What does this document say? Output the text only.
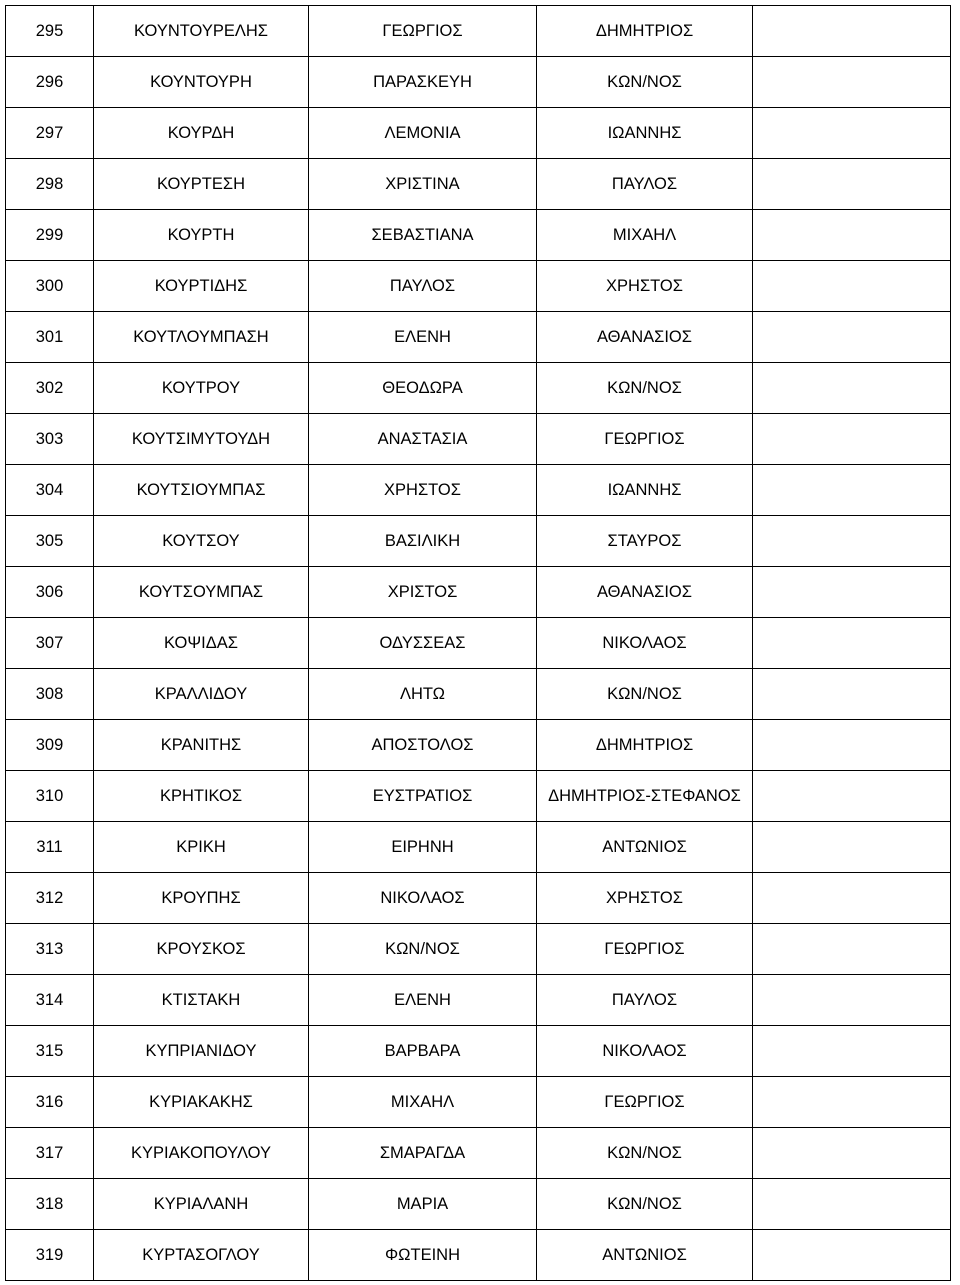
295	ΚΟΥΝΤΟΥΡΕΛΗΣ	ΓΕΩΡΓΙΟΣ	ΔΗΜΗΤΡΙΟΣ	
296	ΚΟΥΝΤΟΥΡΗ	ΠΑΡΑΣΚΕΥΗ	ΚΩΝ/ΝΟΣ	
297	ΚΟΥΡΔΗ	ΛΕΜΟΝΙΑ	ΙΩΑΝΝΗΣ	
298	ΚΟΥΡΤΕΣΗ	ΧΡΙΣΤΙΝΑ	ΠΑΥΛΟΣ	
299	ΚΟΥΡΤΗ	ΣΕΒΑΣΤΙΑΝΑ	ΜΙΧΑΗΛ	
300	ΚΟΥΡΤΙΔΗΣ	ΠΑΥΛΟΣ	ΧΡΗΣΤΟΣ	
301	ΚΟΥΤΛΟΥΜΠΑΣΗ	ΕΛΕΝΗ	ΑΘΑΝΑΣΙΟΣ	
302	ΚΟΥΤΡΟΥ	ΘΕΟΔΩΡΑ	ΚΩΝ/ΝΟΣ	
303	ΚΟΥΤΣΙΜΥΤΟΥΔΗ	ΑΝΑΣΤΑΣΙΑ	ΓΕΩΡΓΙΟΣ	
304	ΚΟΥΤΣΙΟΥΜΠΑΣ	ΧΡΗΣΤΟΣ	ΙΩΑΝΝΗΣ	
305	ΚΟΥΤΣΟΥ	ΒΑΣΙΛΙΚΗ	ΣΤΑΥΡΟΣ	
306	ΚΟΥΤΣΟΥΜΠΑΣ	ΧΡΙΣΤΟΣ	ΑΘΑΝΑΣΙΟΣ	
307	ΚΟΨΙΔΑΣ	ΟΔΥΣΣΕΑΣ	ΝΙΚΟΛΑΟΣ	
308	ΚΡΑΛΛΙΔΟΥ	ΛΗΤΩ	ΚΩΝ/ΝΟΣ	
309	ΚΡΑΝΙΤΗΣ	ΑΠΟΣΤΟΛΟΣ	ΔΗΜΗΤΡΙΟΣ	
310	ΚΡΗΤΙΚΟΣ	ΕΥΣΤΡΑΤΙΟΣ	ΔΗΜΗΤΡΙΟΣ-ΣΤΕΦΑΝΟΣ	
311	ΚΡΙΚΗ	ΕΙΡΗΝΗ	ΑΝΤΩΝΙΟΣ	
312	ΚΡΟΥΠΗΣ	ΝΙΚΟΛΑΟΣ	ΧΡΗΣΤΟΣ	
313	ΚΡΟΥΣΚΟΣ	ΚΩΝ/ΝΟΣ	ΓΕΩΡΓΙΟΣ	
314	ΚΤΙΣΤΑΚΗ	ΕΛΕΝΗ	ΠΑΥΛΟΣ	
315	ΚΥΠΡΙΑΝΙΔΟΥ	ΒΑΡΒΑΡΑ	ΝΙΚΟΛΑΟΣ	
316	ΚΥΡΙΑΚΑΚΗΣ	ΜΙΧΑΗΛ	ΓΕΩΡΓΙΟΣ	
317	ΚΥΡΙΑΚΟΠΟΥΛΟΥ	ΣΜΑΡΑΓΔΑ	ΚΩΝ/ΝΟΣ	
318	ΚΥΡΙΑΛΑΝΗ	ΜΑΡΙΑ	ΚΩΝ/ΝΟΣ	
319	ΚΥΡΤΑΣΟΓΛΟΥ	ΦΩΤΕΙΝΗ	ΑΝΤΩΝΙΟΣ	
